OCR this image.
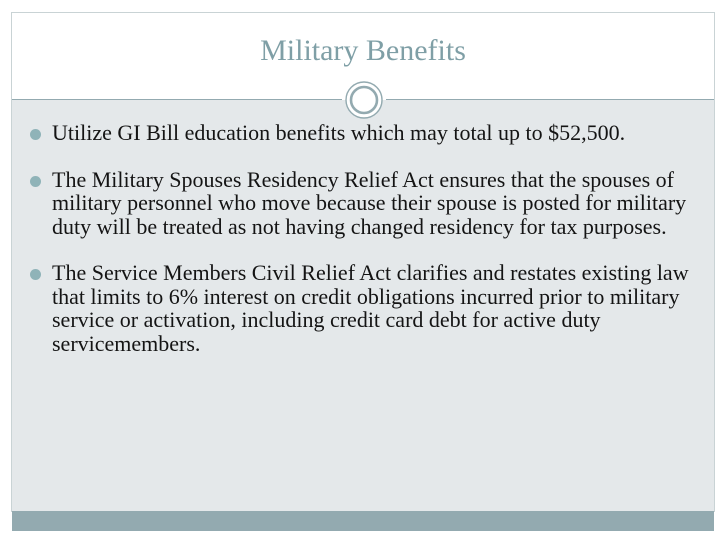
Military Benefits
Utilize GI Bill education benefits which may total up to $52,500.
The Military Spouses Residency Relief Act ensures that the spouses of military personnel who move because their spouse is posted for military duty will be treated as not having changed residency for tax purposes.
The Service Members Civil Relief Act clarifies and restates existing law that limits to 6% interest on credit obligations incurred prior to military service or activation, including credit card debt for active duty servicemembers.
